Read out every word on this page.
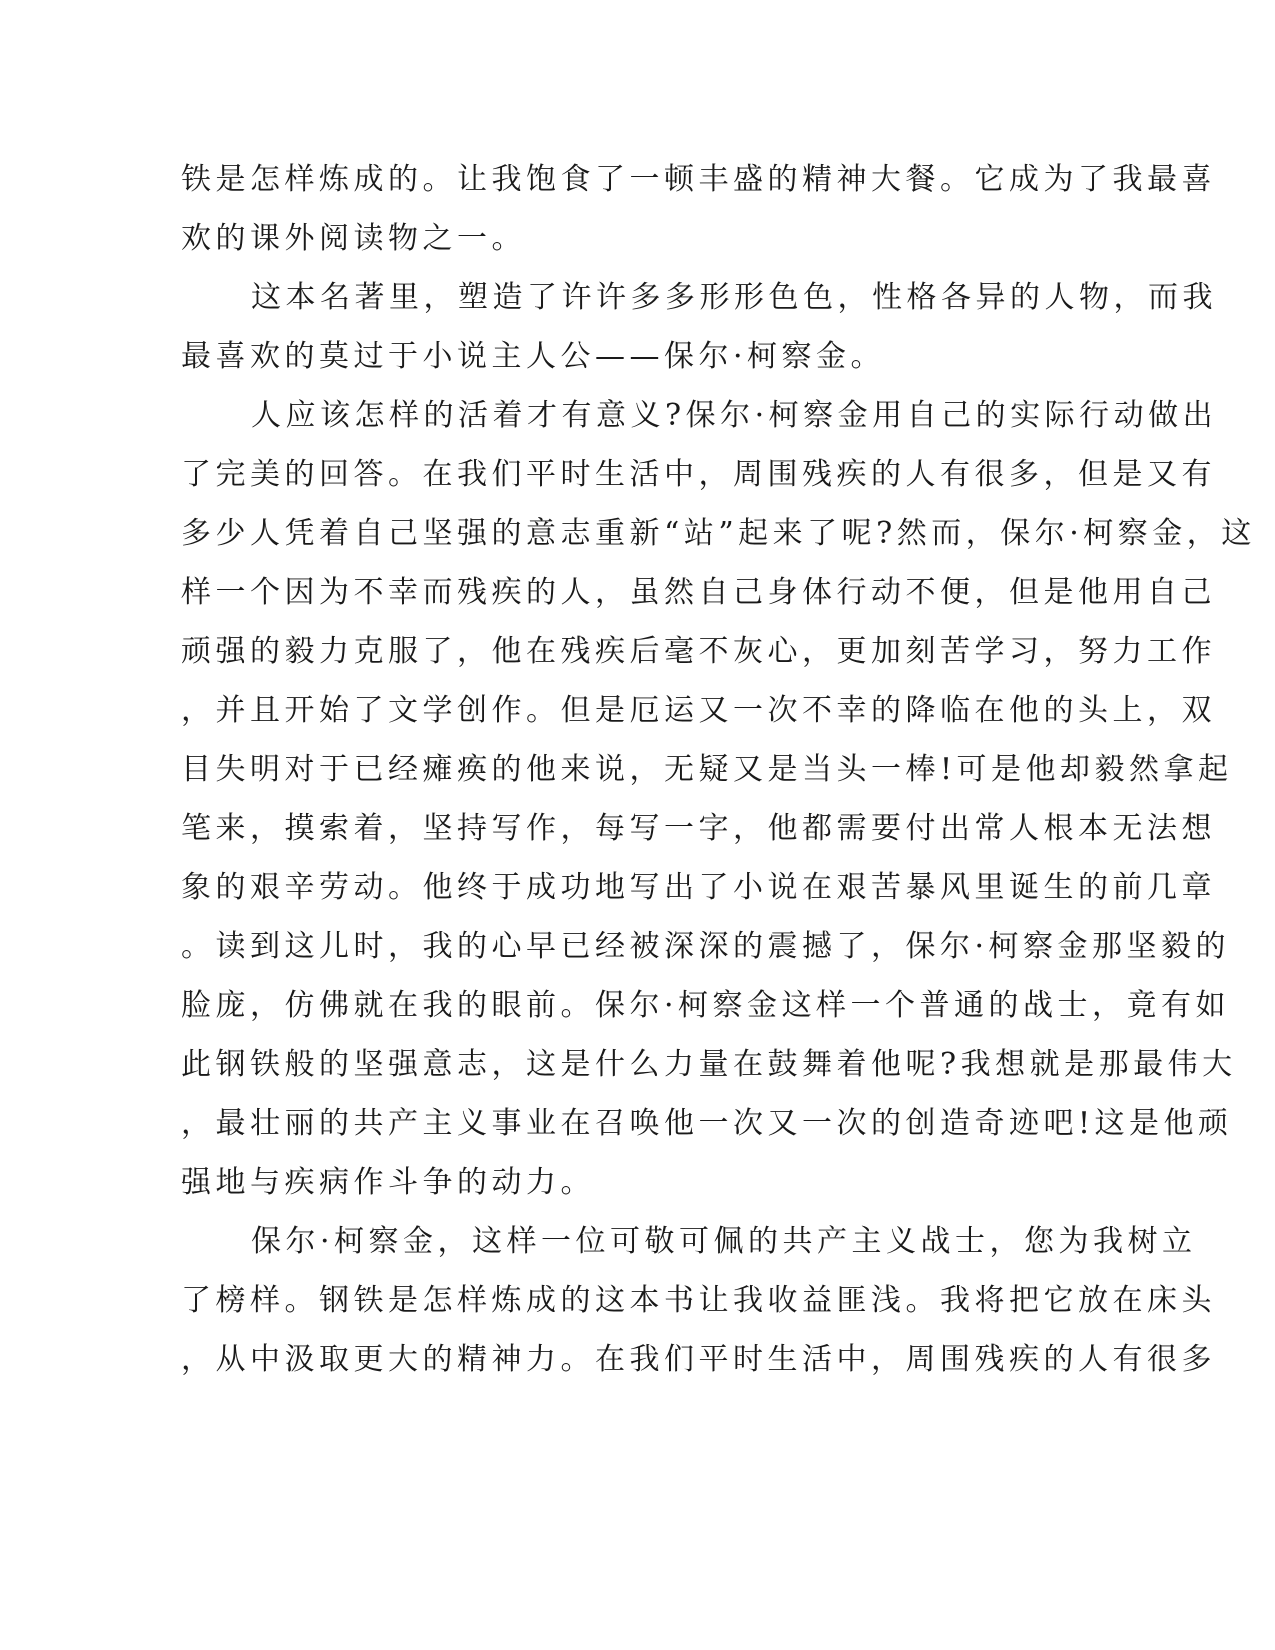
铁是怎样炼成的。让我饱食了一顿丰盛的精神大餐。它成为了我最喜
欢的课外阅读物之一。
这本名著里，塑造了许许多多形形色色，性格各异的人物，而我
最喜欢的莫过于小说主人公——保尔·柯察金。
人应该怎样的活着才有意义?保尔·柯察金用自己的实际行动做出
了完美的回答。在我们平时生活中，周围残疾的人有很多，但是又有
多少人凭着自己坚强的意志重新“站”起来了呢?然而，保尔·柯察金，这
样一个因为不幸而残疾的人，虽然自己身体行动不便，但是他用自己
顽强的毅力克服了，他在残疾后毫不灰心，更加刻苦学习，努力工作
，并且开始了文学创作。但是厄运又一次不幸的降临在他的头上，双
目失明对于已经瘫痪的他来说，无疑又是当头一棒!可是他却毅然拿起
笔来，摸索着，坚持写作，每写一字，他都需要付出常人根本无法想
象的艰辛劳动。他终于成功地写出了小说在艰苦暴风里诞生的前几章
。读到这儿时，我的心早已经被深深的震撼了，保尔·柯察金那坚毅的
脸庞，仿佛就在我的眼前。保尔·柯察金这样一个普通的战士，竟有如
此钢铁般的坚强意志，这是什么力量在鼓舞着他呢?我想就是那最伟大
，最壮丽的共产主义事业在召唤他一次又一次的创造奇迹吧!这是他顽
强地与疾病作斗争的动力。
保尔·柯察金，这样一位可敬可佩的共产主义战士，您为我树立
了榜样。钢铁是怎样炼成的这本书让我收益匪浅。我将把它放在床头
，从中汲取更大的精神力。在我们平时生活中，周围残疾的人有很多
